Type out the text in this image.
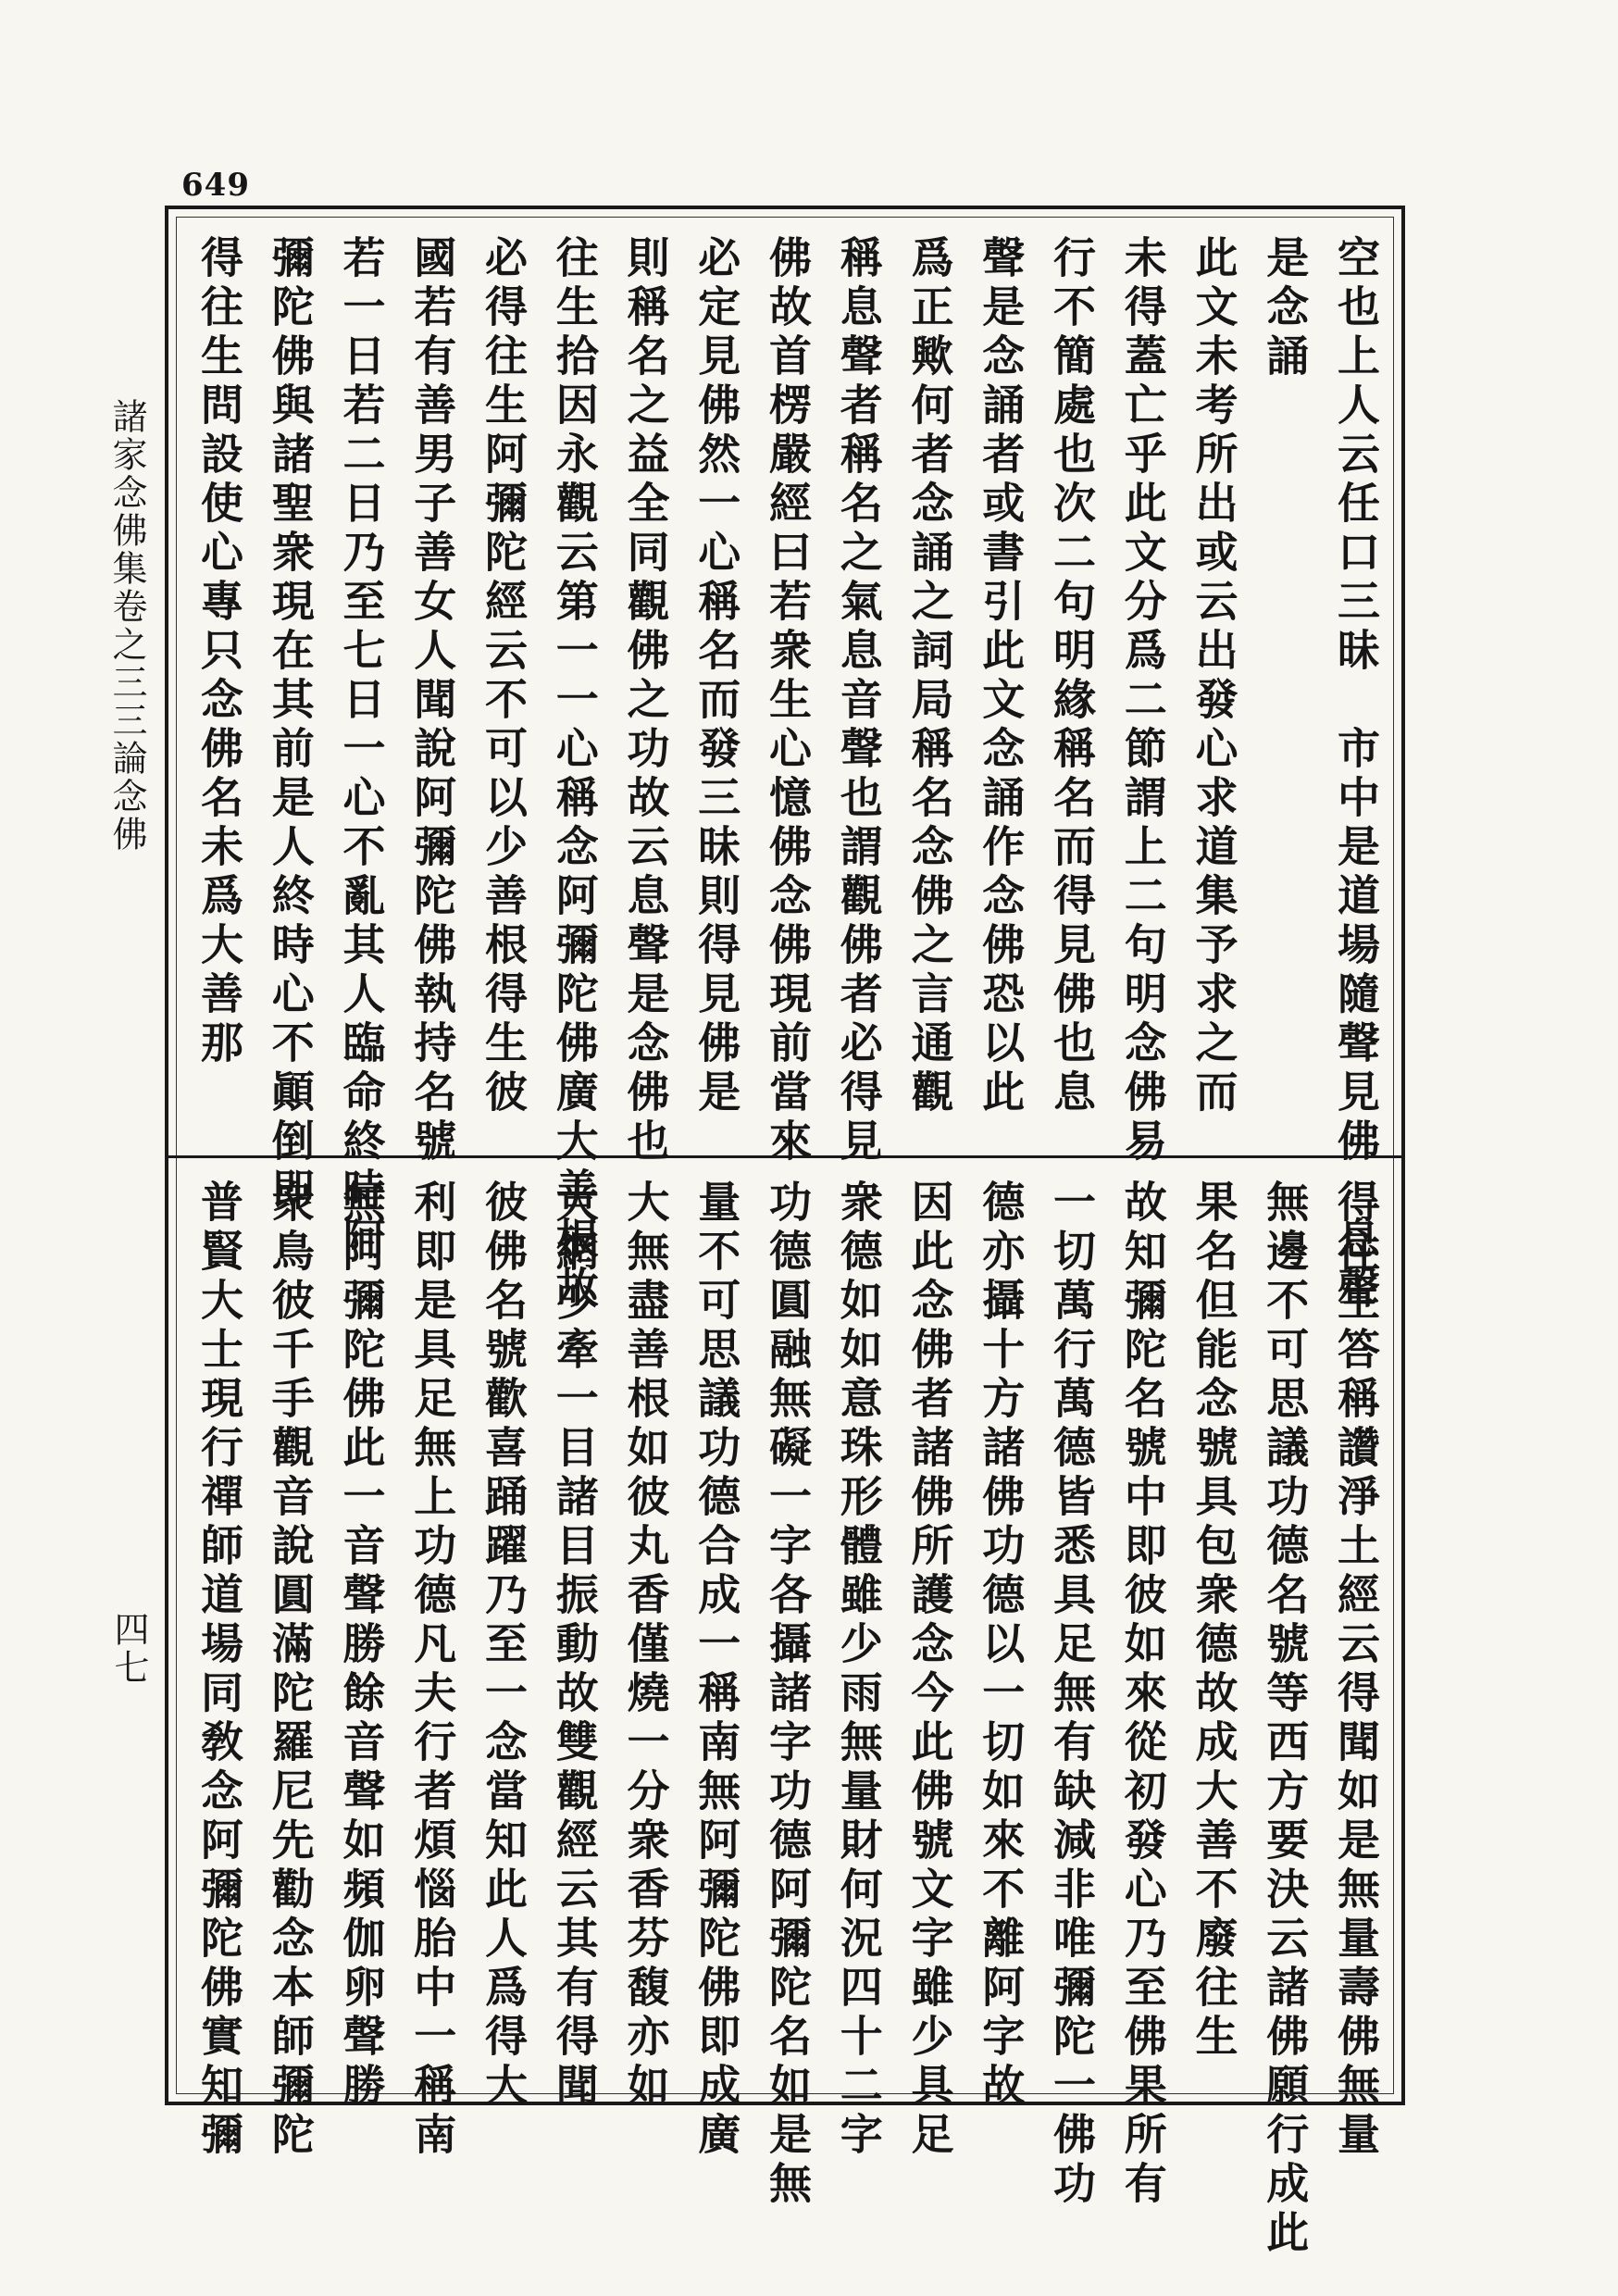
649
諸家念佛集卷之三三論念佛
四七
空也上人云任口三昧　市中是道場隨聲見佛　息聲
是念誦
此文未考所出或云出發心求道集予求之而
未得蓋亡乎此文分爲二節謂上二句明念佛易
行不簡處也次二句明緣稱名而得見佛也息
聲是念誦者或書引此文念誦作念佛恐以此
爲正歟何者念誦之詞局稱名念佛之言通觀
稱息聲者稱名之氣息音聲也謂觀佛者必得見
佛故首楞嚴經曰若衆生心憶佛念佛現前當來
必定見佛然一心稱名而發三昧則得見佛是
則稱名之益全同觀佛之功故云息聲是念佛也
往生拾因永觀云第一一心稱念阿彌陀佛廣大善根故
必得往生阿彌陀經云不可以少善根得生彼
國若有善男子善女人聞說阿彌陀佛執持名號
若一日若二日乃至七日一心不亂其人臨命終時阿
彌陀佛與諸聖衆現在其前是人終時心不顚倒即
得往生問設使心專只念佛名未爲大善那
得往生答稱讚淨土經云得聞如是無量壽佛無量
無邊不可思議功德名號等西方要決云諸佛願行成此
果名但能念號具包衆德故成大善不廢往生
故知彌陀名號中即彼如來從初發心乃至佛果所有
一切萬行萬德皆悉具足無有缺減非唯彌陀一佛功
德亦攝十方諸佛功德以一切如來不離阿字故
因此念佛者諸佛所護念今此佛號文字雖少具足
衆德如如意珠形體雖少雨無量財何況四十二字
功德圓融無礙一字各攝諸字功德阿彌陀名如是無
量不可思議功德合成一稱南無阿彌陀佛即成廣
大無盡善根如彼丸香僅燒一分衆香芬馥亦如
大網少牽一目諸目振動故雙觀經云其有得聞
彼佛名號歡喜踊躍乃至一念當知此人爲得大
利即是具足無上功德凡夫行者煩惱胎中一稱南
無阿彌陀佛此一音聲勝餘音聲如頻伽卵聲勝
衆鳥彼千手觀音說圓滿陀羅尼先勸念本師彌陀
普賢大士現行禪師道場同敎念阿彌陀佛實知彌
